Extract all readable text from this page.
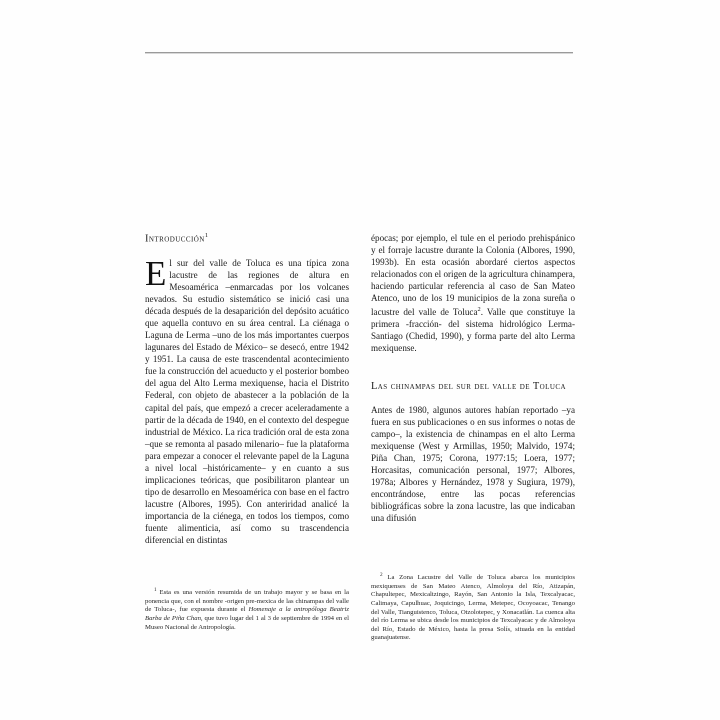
Introducción$^1$

El sur del valle de Toluca es una típica zona lacustre de las regiones de altura en Mesoamérica –enmarcadas por los volcanes nevados. Su estudio sistemático se inició casi una década después de la desaparición del depósito acuático que aquella contuvo en su área central. La ciénaga o Laguna de Lerma –uno de los más importantes cuerpos lagunares del Estado de México– se desecó, entre 1942 y 1951. La causa de este trascendental acontecimiento fue la construcción del acueducto y el posterior bombeo del agua del Alto Lerma mexiquense, hacia el Distrito Federal, con objeto de abastecer a la población de la capital del país, que empezó a crecer aceleradamente a partir de la década de 1940, en el contexto del despegue industrial de México. La rica tradición oral de esta zona –que se remonta al pasado milenario– fue la plataforma para empezar a conocer el relevante papel de la Laguna a nivel local –históricamente– y en cuanto a sus implicaciones teóricas, que posibilitaron plantear un tipo de desarrollo en Mesoamérica con base en el factro lacustre (Albores, 1995). Con anteriridad analicé la importancia de la ciénega, en todos los tiempos, como fuente alimenticia, así como su trascendencia diferencial en distintas

épocas; por ejemplo, el tule en el periodo prehispánico y el forraje lacustre durante la Colonia (Albores, 1990, 1993b). En esta ocasión abordaré ciertos aspectos relacionados con el origen de la agricultura chinampera, haciendo particular referencia al caso de San Mateo Atenco, uno de los 19 municipios de la zona sureña o lacustre del valle de Toluca$^2$. Valle que constituye la primera -fracción- del sistema hidrológico Lerma-Santiago (Chedid, 1990), y forma parte del alto Lerma mexiquense.

Las chinampas del sur del valle de Toluca

Antes de 1980, algunos autores habían reportado –ya fuera en sus publicaciones o en sus informes o notas de campo–, la existencia de chinampas en el alto Lerma mexiquense (West y Armillas, 1950; Malvido, 1974; Piña Chan, 1975; Corona, 1977:15; Loera, 1977; Horcasitas, comunicación personal, 1977; Albores, 1978a; Albores y Hernández, 1978 y Sugiura, 1979), encontrándose, entre las pocas referencias bibliográficas sobre la zona lacustre, las que indicaban una difusión

$^1$ Esta es una versión resumida de un trabajo mayor y se basa en la ponencia que, con el nombre -origen pre-mexica de las chinampas del valle de Toluca-, fue expuesta durante el Homenaje a la antropóloga Beatriz Barba de Piña Chan, que tuvo lugar del 1 al 3 de septiembre de 1994 en el Museo Nacional de Antropología.

$^2$ La Zona Lacustre del Valle de Toluca abarca los municipios mexiquenses de San Mateo Atenco, Almoloya del Río, Atizapán, Chapultepec, Mexicaltzingo, Rayón, San Antonio la Isla, Texcalyacac, Calimaya, Capulhuac, Joquicingo, Lerma, Metepec, Ocoyoacac, Tenango del Valle, Tianguistenco, Toluca, Otzolotepec, y Xonacatlán. La cuenca alta del río Lerma se ubica desde los municipios de Texcalyacac y de Almoloya del Río, Estado de México, hasta la presa Solís, situada en la entidad guanajuatense.
